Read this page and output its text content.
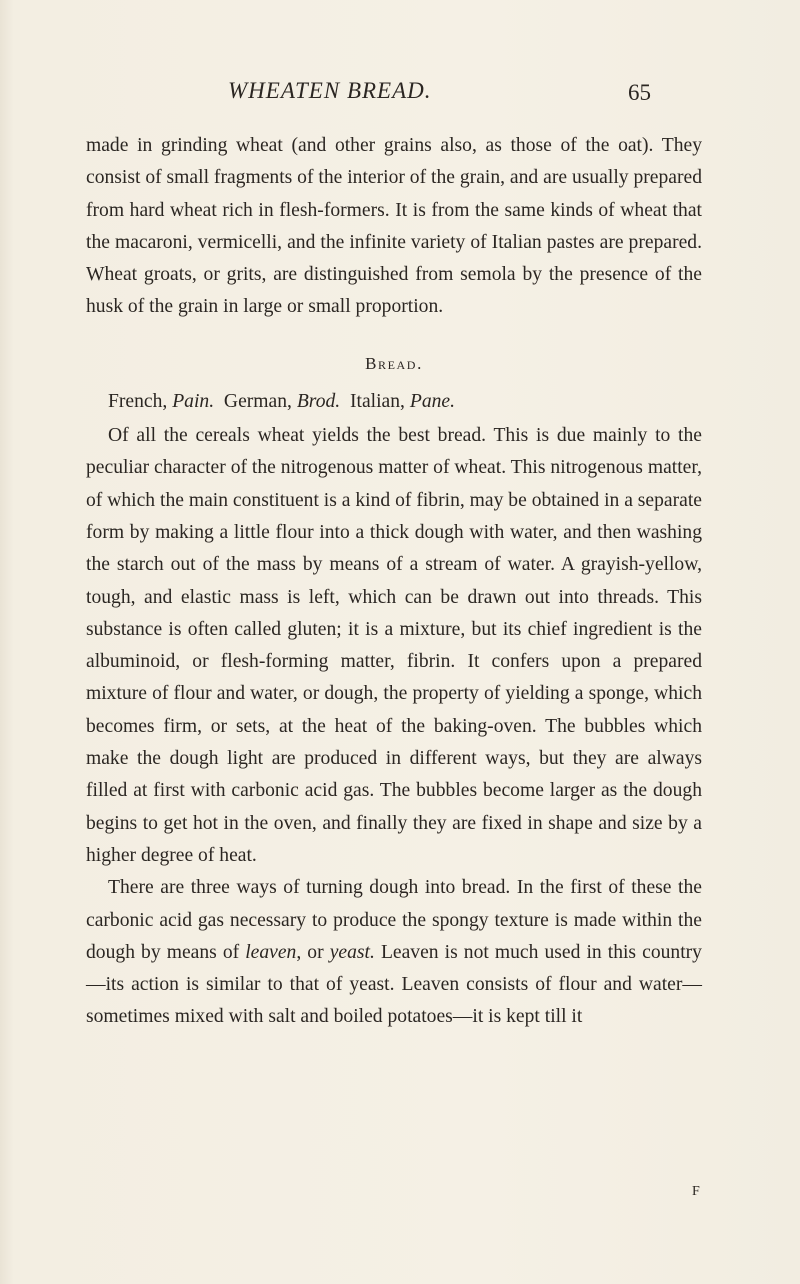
WHEATEN BREAD.	65

made in grinding wheat (and other grains also, as those of the oat). They consist of small fragments of the interior of the grain, and are usually prepared from hard wheat rich in flesh-formers. It is from the same kinds of wheat that the macaroni, vermicelli, and the infinite variety of Italian pastes are prepared. Wheat groats, or grits, are distinguished from semola by the presence of the husk of the grain in large or small proportion.

Bread.

French, Pain. German, Brod. Italian, Pane.

Of all the cereals wheat yields the best bread. This is due mainly to the peculiar character of the nitrogenous matter of wheat. This nitrogenous matter, of which the main constituent is a kind of fibrin, may be obtained in a separate form by making a little flour into a thick dough with water, and then washing the starch out of the mass by means of a stream of water. A grayish-yellow, tough, and elastic mass is left, which can be drawn out into threads. This substance is often called gluten; it is a mixture, but its chief ingredient is the albuminoid, or flesh-forming matter, fibrin. It confers upon a prepared mixture of flour and water, or dough, the property of yielding a sponge, which becomes firm, or sets, at the heat of the baking-oven. The bubbles which make the dough light are produced in different ways, but they are always filled at first with carbonic acid gas. The bubbles become larger as the dough begins to get hot in the oven, and finally they are fixed in shape and size by a higher degree of heat.

There are three ways of turning dough into bread. In the first of these the carbonic acid gas necessary to produce the spongy texture is made within the dough by means of leaven, or yeast. Leaven is not much used in this country—its action is similar to that of yeast. Leaven consists of flour and water—sometimes mixed with salt and boiled potatoes—it is kept till it

F
